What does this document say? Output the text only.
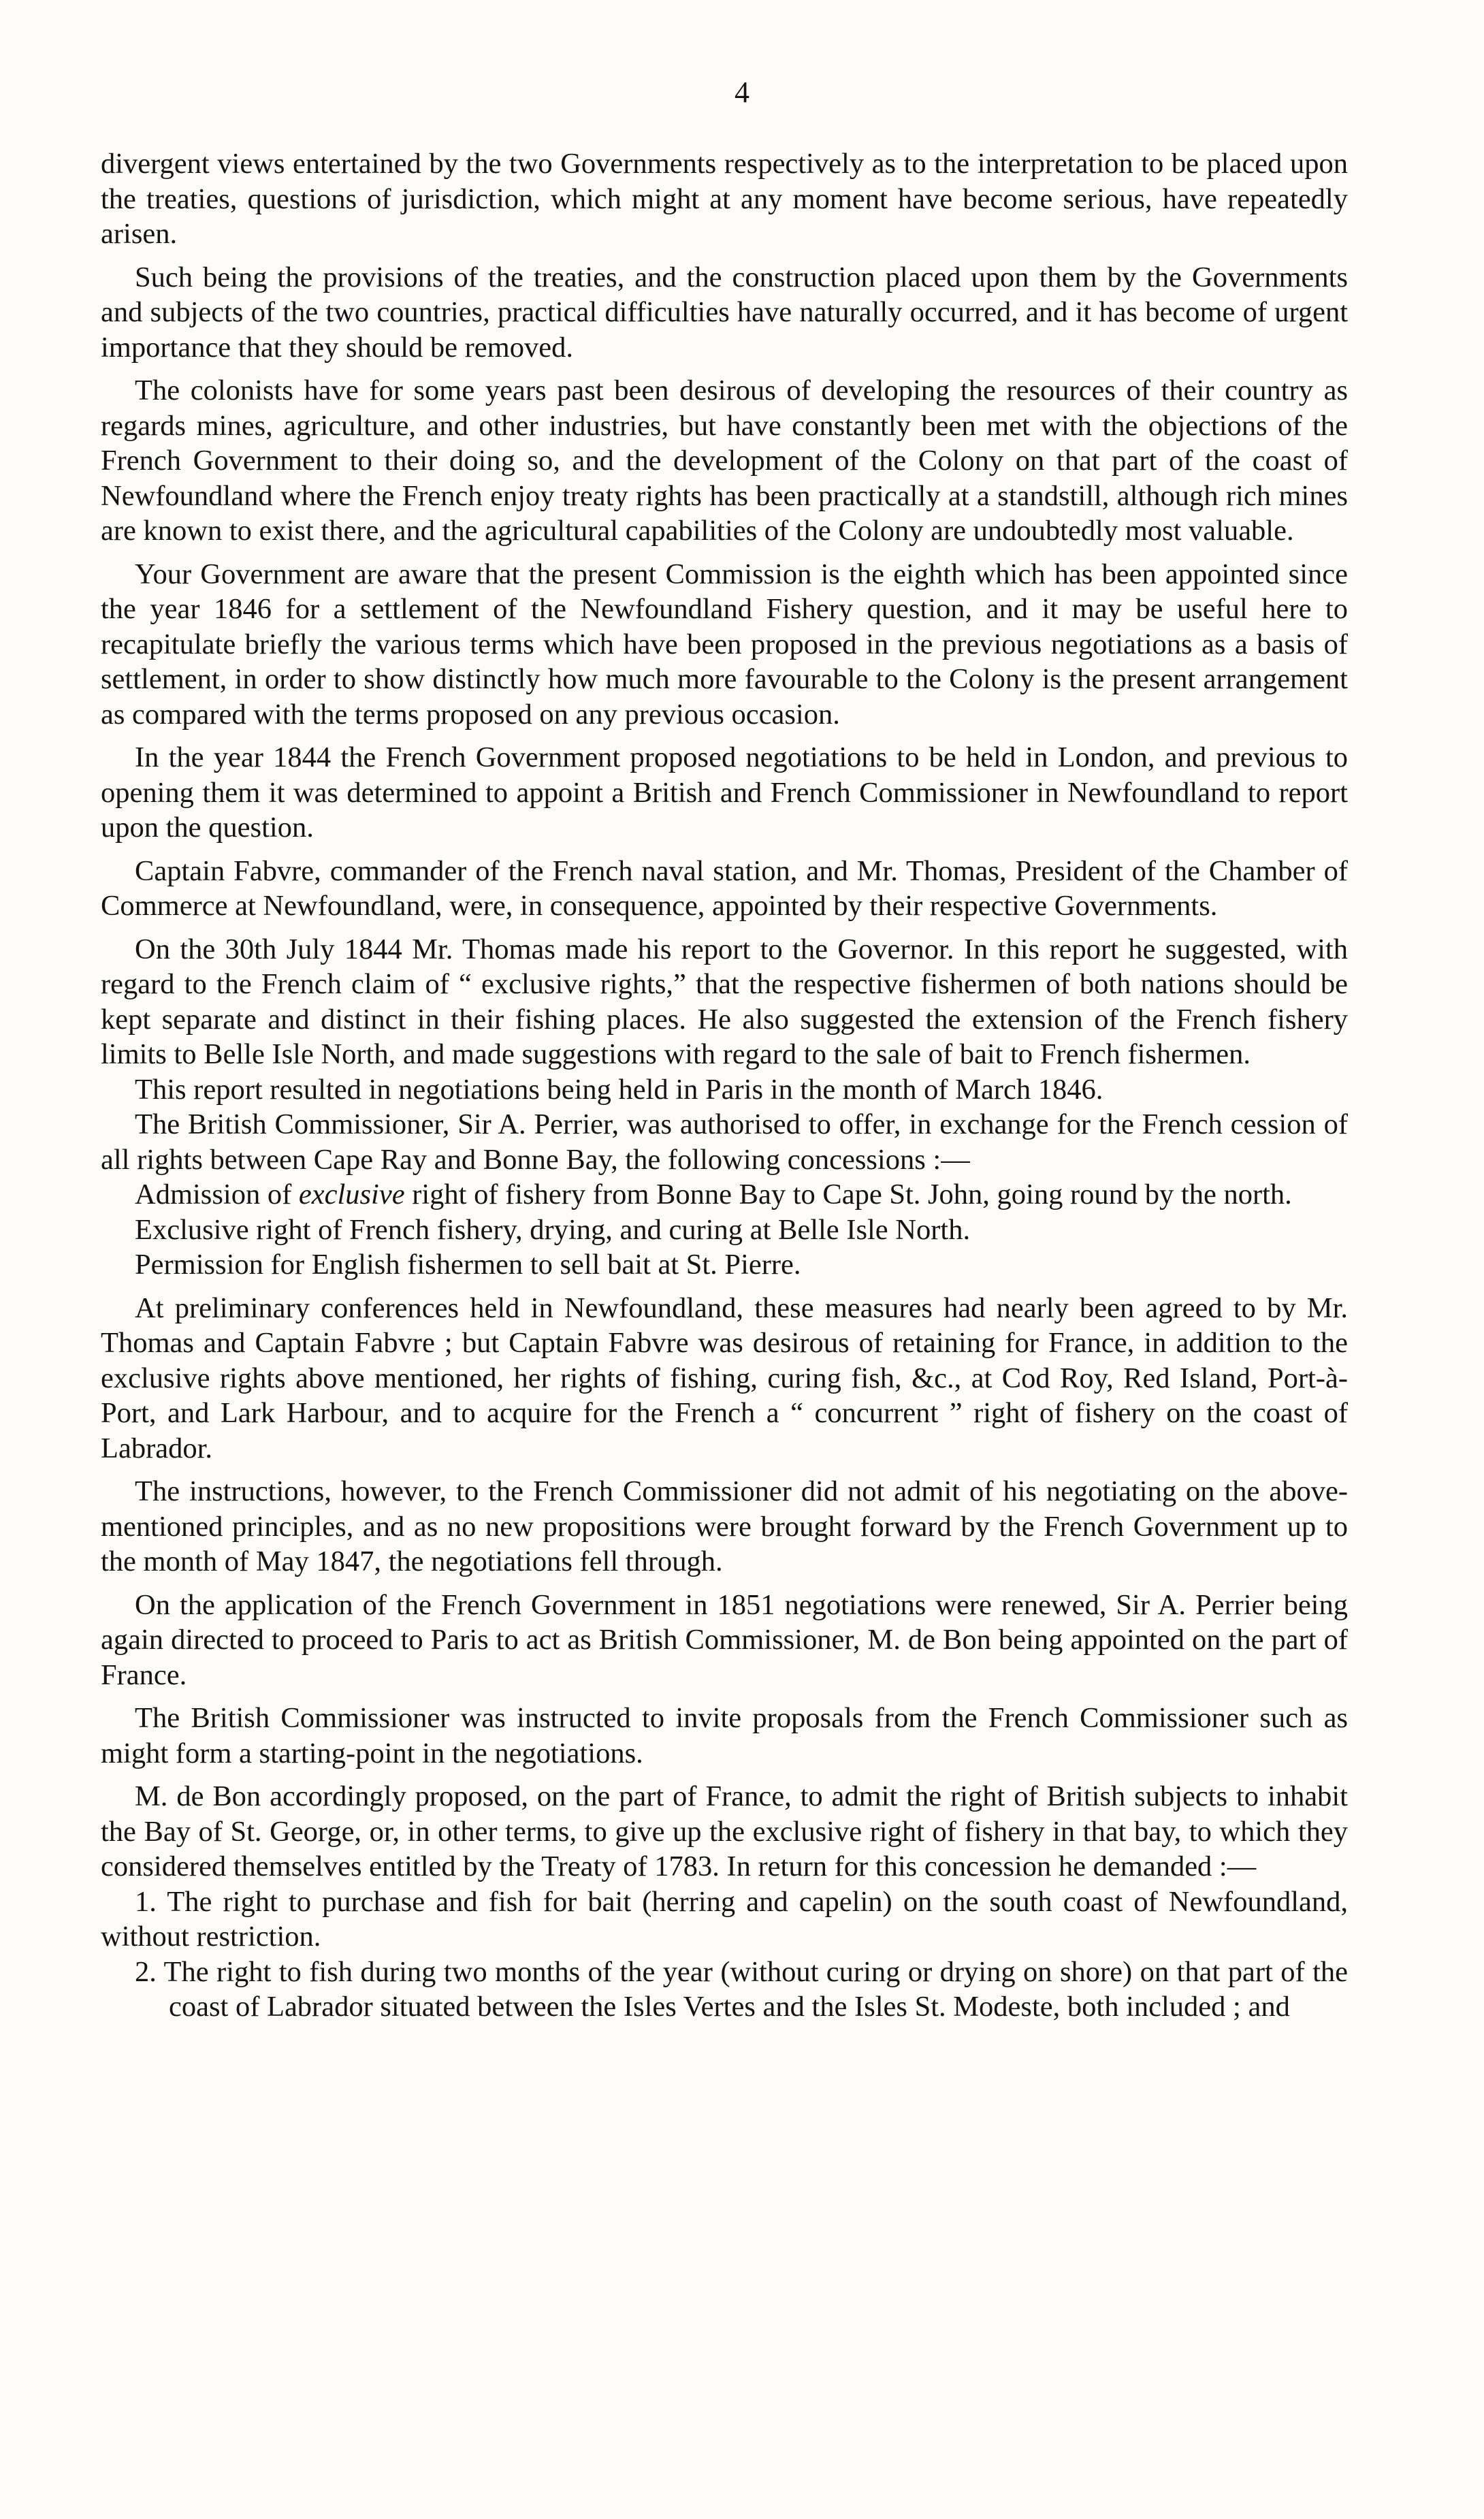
4

divergent views entertained by the two Governments respectively as to the interpretation to be placed upon the treaties, questions of jurisdiction, which might at any moment have become serious, have repeatedly arisen.

Such being the provisions of the treaties, and the construction placed upon them by the Governments and subjects of the two countries, practical difficulties have naturally occurred, and it has become of urgent importance that they should be removed.

The colonists have for some years past been desirous of developing the resources of their country as regards mines, agriculture, and other industries, but have constantly been met with the objections of the French Government to their doing so, and the development of the Colony on that part of the coast of Newfoundland where the French enjoy treaty rights has been practically at a standstill, although rich mines are known to exist there, and the agricultural capabilities of the Colony are undoubtedly most valuable.

Your Government are aware that the present Commission is the eighth which has been appointed since the year 1846 for a settlement of the Newfoundland Fishery question, and it may be useful here to recapitulate briefly the various terms which have been proposed in the previous negotiations as a basis of settlement, in order to show distinctly how much more favourable to the Colony is the present arrangement as compared with the terms proposed on any previous occasion.

In the year 1844 the French Government proposed negotiations to be held in London, and previous to opening them it was determined to appoint a British and French Commissioner in Newfoundland to report upon the question.

Captain Fabvre, commander of the French naval station, and Mr. Thomas, President of the Chamber of Commerce at Newfoundland, were, in consequence, appointed by their respective Governments.

On the 30th July 1844 Mr. Thomas made his report to the Governor. In this report he suggested, with regard to the French claim of “ exclusive rights,” that the respective fishermen of both nations should be kept separate and distinct in their fishing places. He also suggested the extension of the French fishery limits to Belle Isle North, and made suggestions with regard to the sale of bait to French fishermen.

This report resulted in negotiations being held in Paris in the month of March 1846.

The British Commissioner, Sir A. Perrier, was authorised to offer, in exchange for the French cession of all rights between Cape Ray and Bonne Bay, the following concessions :—

Admission of exclusive right of fishery from Bonne Bay to Cape St. John, going round by the north.

Exclusive right of French fishery, drying, and curing at Belle Isle North.

Permission for English fishermen to sell bait at St. Pierre.

At preliminary conferences held in Newfoundland, these measures had nearly been agreed to by Mr. Thomas and Captain Fabvre ; but Captain Fabvre was desirous of retaining for France, in addition to the exclusive rights above mentioned, her rights of fishing, curing fish, &c., at Cod Roy, Red Island, Port-à-Port, and Lark Harbour, and to acquire for the French a “ concurrent ” right of fishery on the coast of Labrador.

The instructions, however, to the French Commissioner did not admit of his negotiating on the above-mentioned principles, and as no new propositions were brought forward by the French Government up to the month of May 1847, the negotiations fell through.

On the application of the French Government in 1851 negotiations were renewed, Sir A. Perrier being again directed to proceed to Paris to act as British Commissioner, M. de Bon being appointed on the part of France.

The British Commissioner was instructed to invite proposals from the French Commissioner such as might form a starting-point in the negotiations.

M. de Bon accordingly proposed, on the part of France, to admit the right of British subjects to inhabit the Bay of St. George, or, in other terms, to give up the exclusive right of fishery in that bay, to which they considered themselves entitled by the Treaty of 1783. In return for this concession he demanded :—

1. The right to purchase and fish for bait (herring and capelin) on the south coast of Newfoundland, without restriction.

2. The right to fish during two months of the year (without curing or drying on shore) on that part of the coast of Labrador situated between the Isles Vertes and the Isles St. Modeste, both included ; and
